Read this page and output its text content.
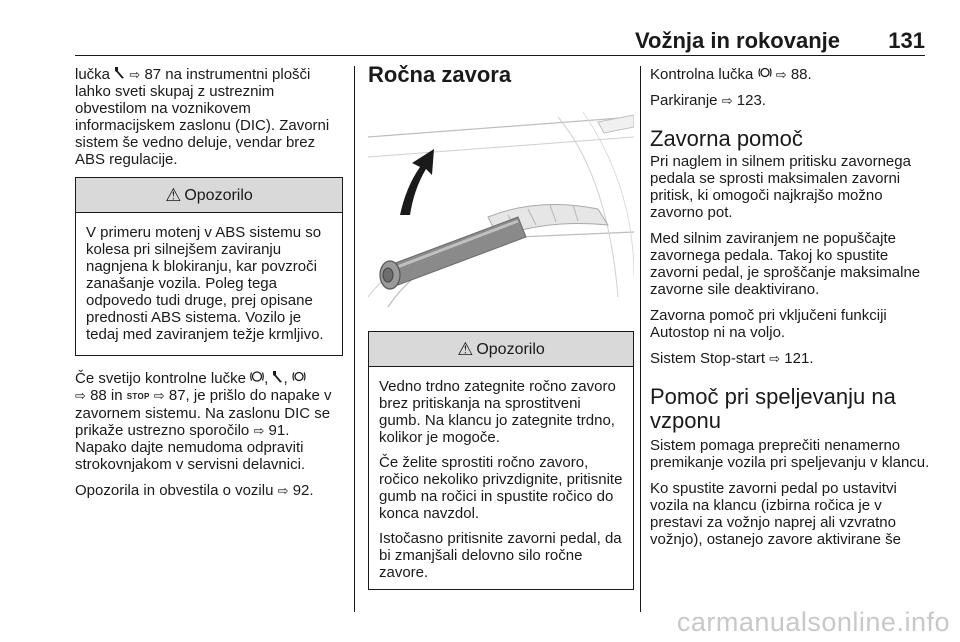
Vožnja in rokovanje 131

lučka ⇨ 87 na instrumentni plošči lahko sveti skupaj z ustreznim obvestilom na voznikovem informacijskem zaslonu (DIC). Zavorni sistem še vedno deluje, vendar brez ABS regulacije.

⚠ Opozorilo

V primeru motenj v ABS sistemu so kolesa pri silnejšem zaviranju nagnjena k blokiranju, kar povzroči zanašanje vozila. Poleg tega odpovedo tudi druge, prej opisane prednosti ABS sistema. Vozilo je tedaj med zaviranjem težje krmljivo.

Če svetijo kontrolne lučke , ,
⇨ 88 in STOP ⇨ 87, je prišlo do napake v zavornem sistemu. Na zaslonu DIC se prikaže ustrezno sporočilo ⇨ 91. Napako dajte nemudoma odpraviti strokovnjakom v servisni delavnici.

Opozorila in obvestila o vozilu ⇨ 92.

Ročna zavora
⚠ Opozorilo

Vedno trdno zategnite ročno zavoro brez pritiskanja na sprostitveni gumb. Na klancu jo zategnite trdno, kolikor je mogoče.

Če želite sprostiti ročno zavoro, ročico nekoliko privzdignite, pritisnite gumb na ročici in spustite ročico do konca navzdol.

Istočasno pritisnite zavorni pedal, da bi zmanjšali delovno silo ročne zavore.

Kontrolna lučka ⇨ 88.

Parkiranje ⇨ 123.

Zavorna pomoč

Pri naglem in silnem pritisku zavornega pedala se sprosti maksimalen zavorni pritisk, ki omogoči najkrajšo možno zavorno pot.

Med silnim zaviranjem ne popuščajte zavornega pedala. Takoj ko spustite zavorni pedal, je sproščanje maksimalne zavorne sile deaktivirano.

Zavorna pomoč pri vključeni funkciji Autostop ni na voljo.

Sistem Stop-start ⇨ 121.

Pomoč pri speljevanju na vzponu

Sistem pomaga preprečiti nenamerno premikanje vozila pri speljevanju v klancu.

Ko spustite zavorni pedal po ustavitvi vozila na klancu (izbirna ročica je v prestavi za vožnjo naprej ali vzvratno vožnjo), ostanejo zavore aktivirane še

carmanualsonline.info
